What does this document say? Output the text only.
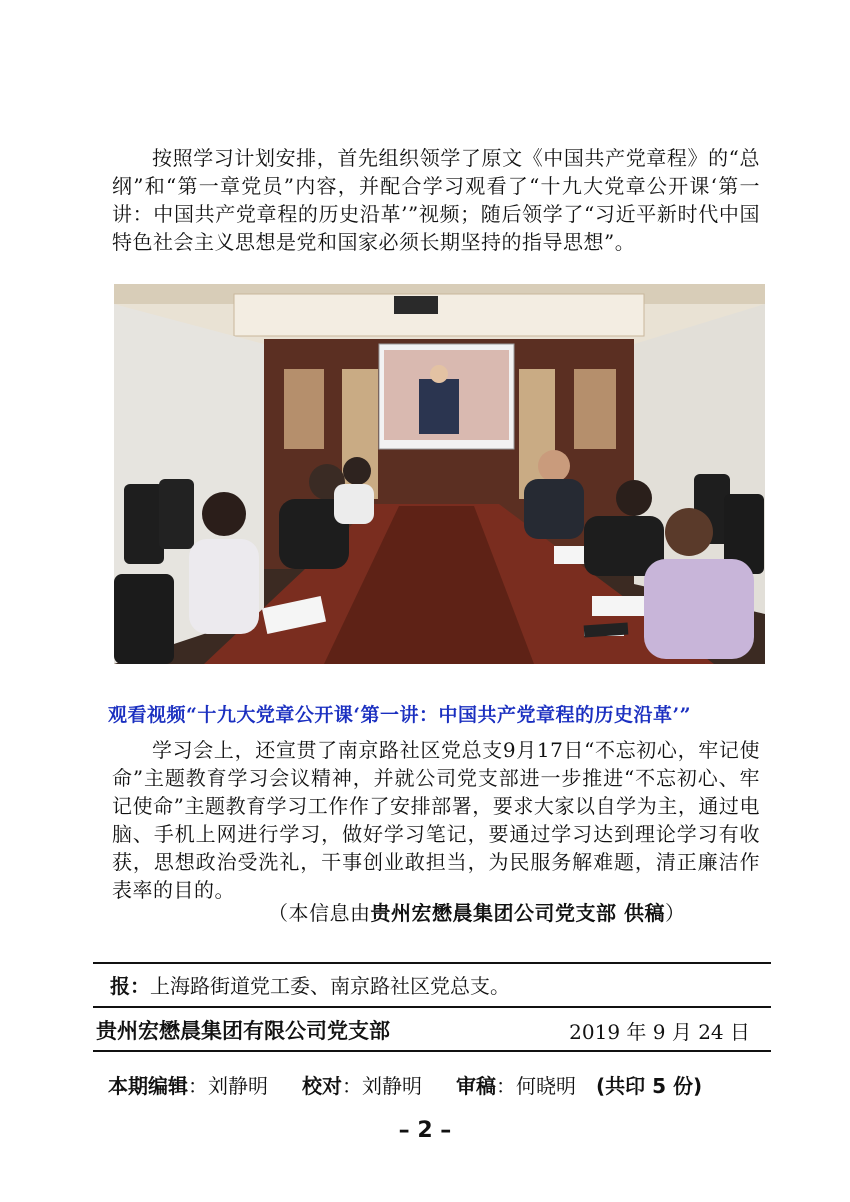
按照学习计划安排，首先组织领学了原文《中国共产党章程》的“总纲”和“第一章党员”内容，并配合学习观看了“十九大党章公开课‘第一讲：中国共产党章程的历史沿革’”视频；随后领学了“习近平新时代中国特色社会主义思想是党和国家必须长期坚持的指导思想”。

观看视频“十九大党章公开课‘第一讲：中国共产党章程的历史沿革’”

学习会上，还宣贯了南京路社区党总支9月17日“不忘初心，牢记使命”主题教育学习会议精神，并就公司党支部进一步推进“不忘初心、牢记使命”主题教育学习工作作了安排部署，要求大家以自学为主，通过电脑、手机上网进行学习，做好学习笔记，要通过学习达到理论学习有收获，思想政治受洗礼，干事创业敢担当，为民服务解难题，清正廉洁作表率的目的。

（本信息由贵州宏懋晨集团公司党支部 供稿）

报：上海路街道党工委、南京路社区党总支。

贵州宏懋晨集团有限公司党支部	2019 年 9 月 24 日

本期编辑：刘静明 校对：刘静明 审稿：何晓明 (共印 5 份)

– 2 –
